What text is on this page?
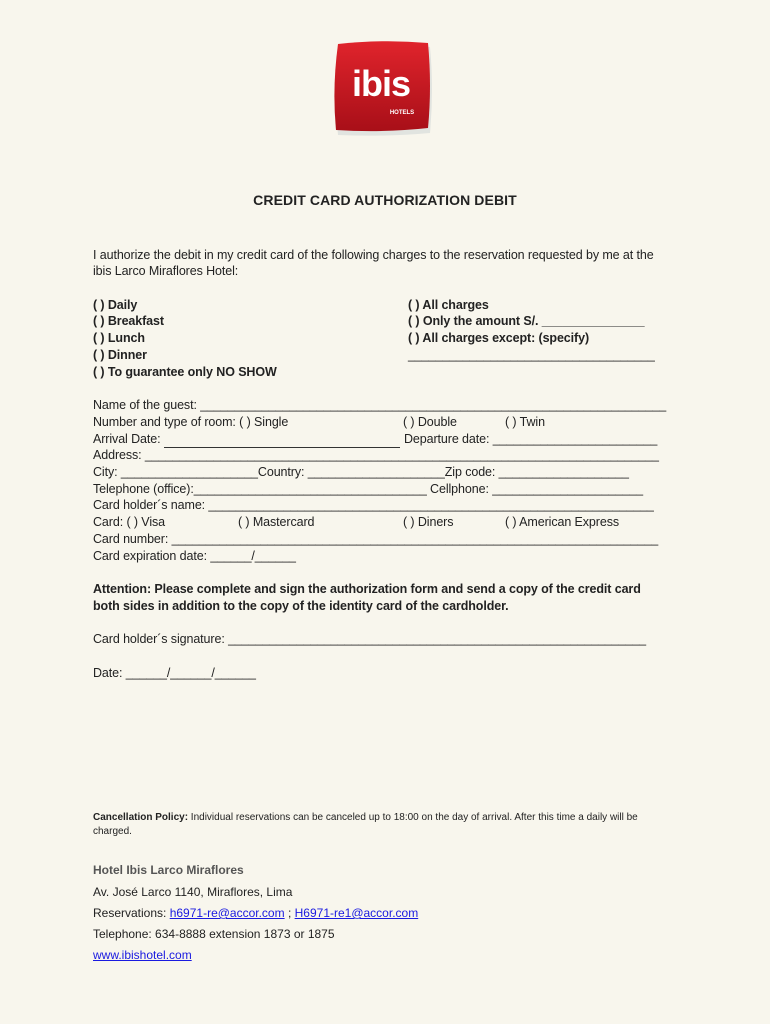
ibis
HOTELS
CREDIT CARD AUTHORIZATION DEBIT
I authorize the debit in my credit card of the following charges to the reservation requested by me at the
ibis Larco Miraflores Hotel:
( ) Daily
( ) Breakfast
( ) Lunch
( ) Dinner
( ) To guarantee only NO SHOW
( ) All charges
( ) Only the amount S/. _______________
( ) All charges except: (specify)
____________________________________
Name of the guest: ____________________________________________________________________
Number and type of room: ( ) Single	( ) Double	( ) Twin
Arrival Date:	Departure date: ________________________
Address: ___________________________________________________________________________
City: ____________________Country: ____________________Zip code: ___________________
Telephone (office):__________________________________ Cellphone: ______________________
Card holder´s name: _________________________________________________________________
Card: ( ) Visa	( ) Mastercard	( ) Diners	( ) American Express
Card number: _______________________________________________________________________
Card expiration date: ______/______
Attention: Please complete and sign the authorization form and send a copy of the credit card
both sides in addition to the copy of the identity card of the cardholder.
Card holder´s signature: _____________________________________________________________
Date: ______/______/______
Cancellation Policy: Individual reservations can be canceled up to 18:00 on the day of arrival. After this time a daily will be
charged.
Hotel Ibis Larco Miraflores
Av. José Larco 1140, Miraflores, Lima
Reservations: h6971-re@accor.com ; H6971-re1@accor.com
Telephone: 634-8888 extension 1873 or 1875
www.ibishotel.com
